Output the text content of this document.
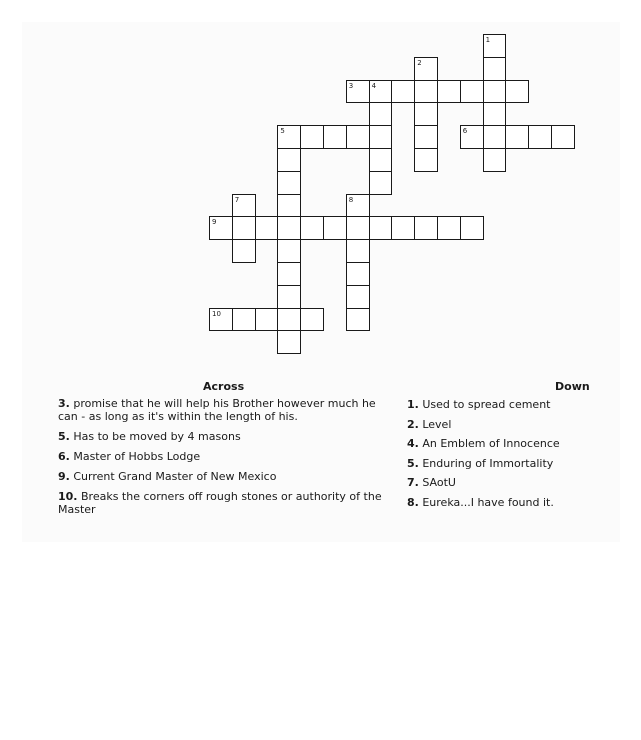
1
2
3	4
5	6
7	8
9
10
Across	Down
3. promise that he will help his Brother however much he can - as long as it's within the length of his.
5. Has to be moved by 4 masons
6. Master of Hobbs Lodge
9. Current Grand Master of New Mexico
10. Breaks the corners off rough stones or authority of the Master
1. Used to spread cement
2. Level
4. An Emblem of Innocence
5. Enduring of Immortality
7. SAotU
8. Eureka...I have found it.
